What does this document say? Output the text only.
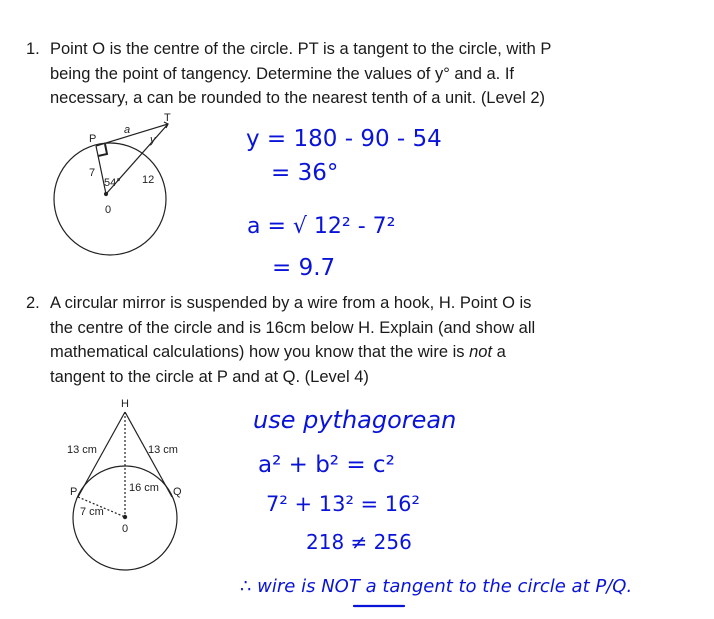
1. Point O is the centre of the circle. PT is a tangent to the circle, with P
being the point of tangency. Determine the values of y° and a. If
necessary, a can be rounded to the nearest tenth of a unit. (Level 2)
2. A circular mirror is suspended by a wire from a hook, H. Point O is
the centre of the circle and is 16cm below H. Explain (and show all
mathematical calculations) how you know that the wire is not a
tangent to the circle at P and at Q. (Level 4)
P
a
T
y
7
54° 12
0
H
13 cm	13 cm
P	Q
16 cm
7 cm
0
y = 180 - 90 - 54
= 36°
a = √ 12² - 7²
= 9.7
use pythagorean
a² + b² = c²
7² + 13² = 16²
218 ≠ 256
∴ wire is NOT a tangent to the circle at P/Q.
